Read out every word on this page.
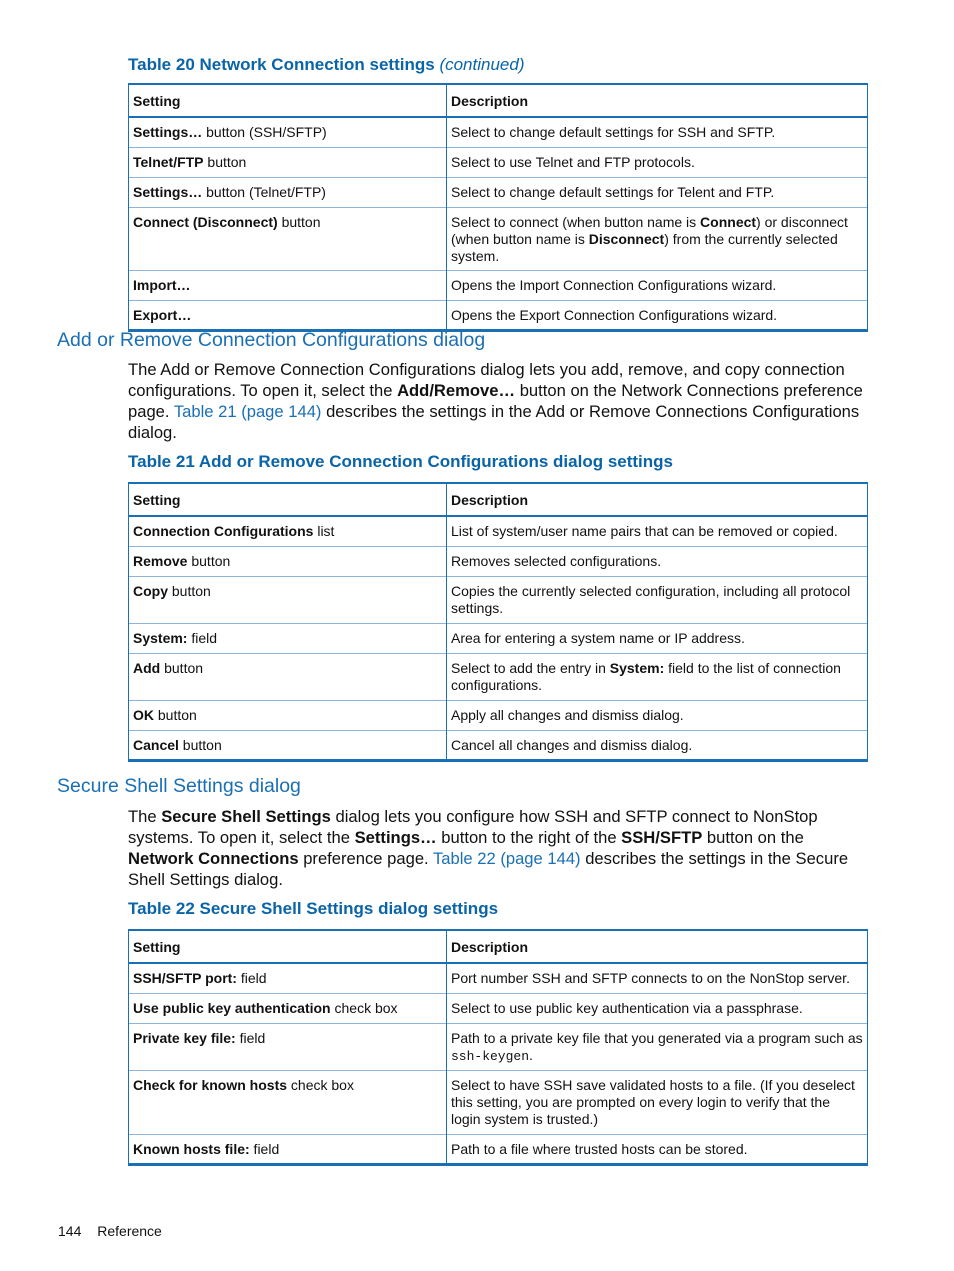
Table 20 Network Connection settings (continued)
Setting	Description
Settings… button (SSH/SFTP)	Select to change default settings for SSH and SFTP.
Telnet/FTP button	Select to use Telnet and FTP protocols.
Settings… button (Telnet/FTP)	Select to change default settings for Telent and FTP.
Connect (Disconnect) button	Select to connect (when button name is Connect) or disconnect (when button name is Disconnect) from the currently selected system.
Import…	Opens the Import Connection Configurations wizard.
Export…	Opens the Export Connection Configurations wizard.
Add or Remove Connection Configurations dialog
The Add or Remove Connection Configurations dialog lets you add, remove, and copy connection configurations. To open it, select the Add/Remove… button on the Network Connections preference page. Table 21 (page 144) describes the settings in the Add or Remove Connections Configurations dialog.
Table 21 Add or Remove Connection Configurations dialog settings
Setting	Description
Connection Configurations list	List of system/user name pairs that can be removed or copied.
Remove button	Removes selected configurations.
Copy button	Copies the currently selected configuration, including all protocol settings.
System: field	Area for entering a system name or IP address.
Add button	Select to add the entry in System: field to the list of connection configurations.
OK button	Apply all changes and dismiss dialog.
Cancel button	Cancel all changes and dismiss dialog.
Secure Shell Settings dialog
The Secure Shell Settings dialog lets you configure how SSH and SFTP connect to NonStop systems. To open it, select the Settings… button to the right of the SSH/SFTP button on the Network Connections preference page. Table 22 (page 144) describes the settings in the Secure Shell Settings dialog.
Table 22 Secure Shell Settings dialog settings
Setting	Description
SSH/SFTP port: field	Port number SSH and SFTP connects to on the NonStop server.
Use public key authentication check box	Select to use public key authentication via a passphrase.
Private key file: field	Path to a private key file that you generated via a program such as ssh-keygen.
Check for known hosts check box	Select to have SSH save validated hosts to a file. (If you deselect this setting, you are prompted on every login to verify that the login system is trusted.)
Known hosts file: field	Path to a file where trusted hosts can be stored.
144 Reference
